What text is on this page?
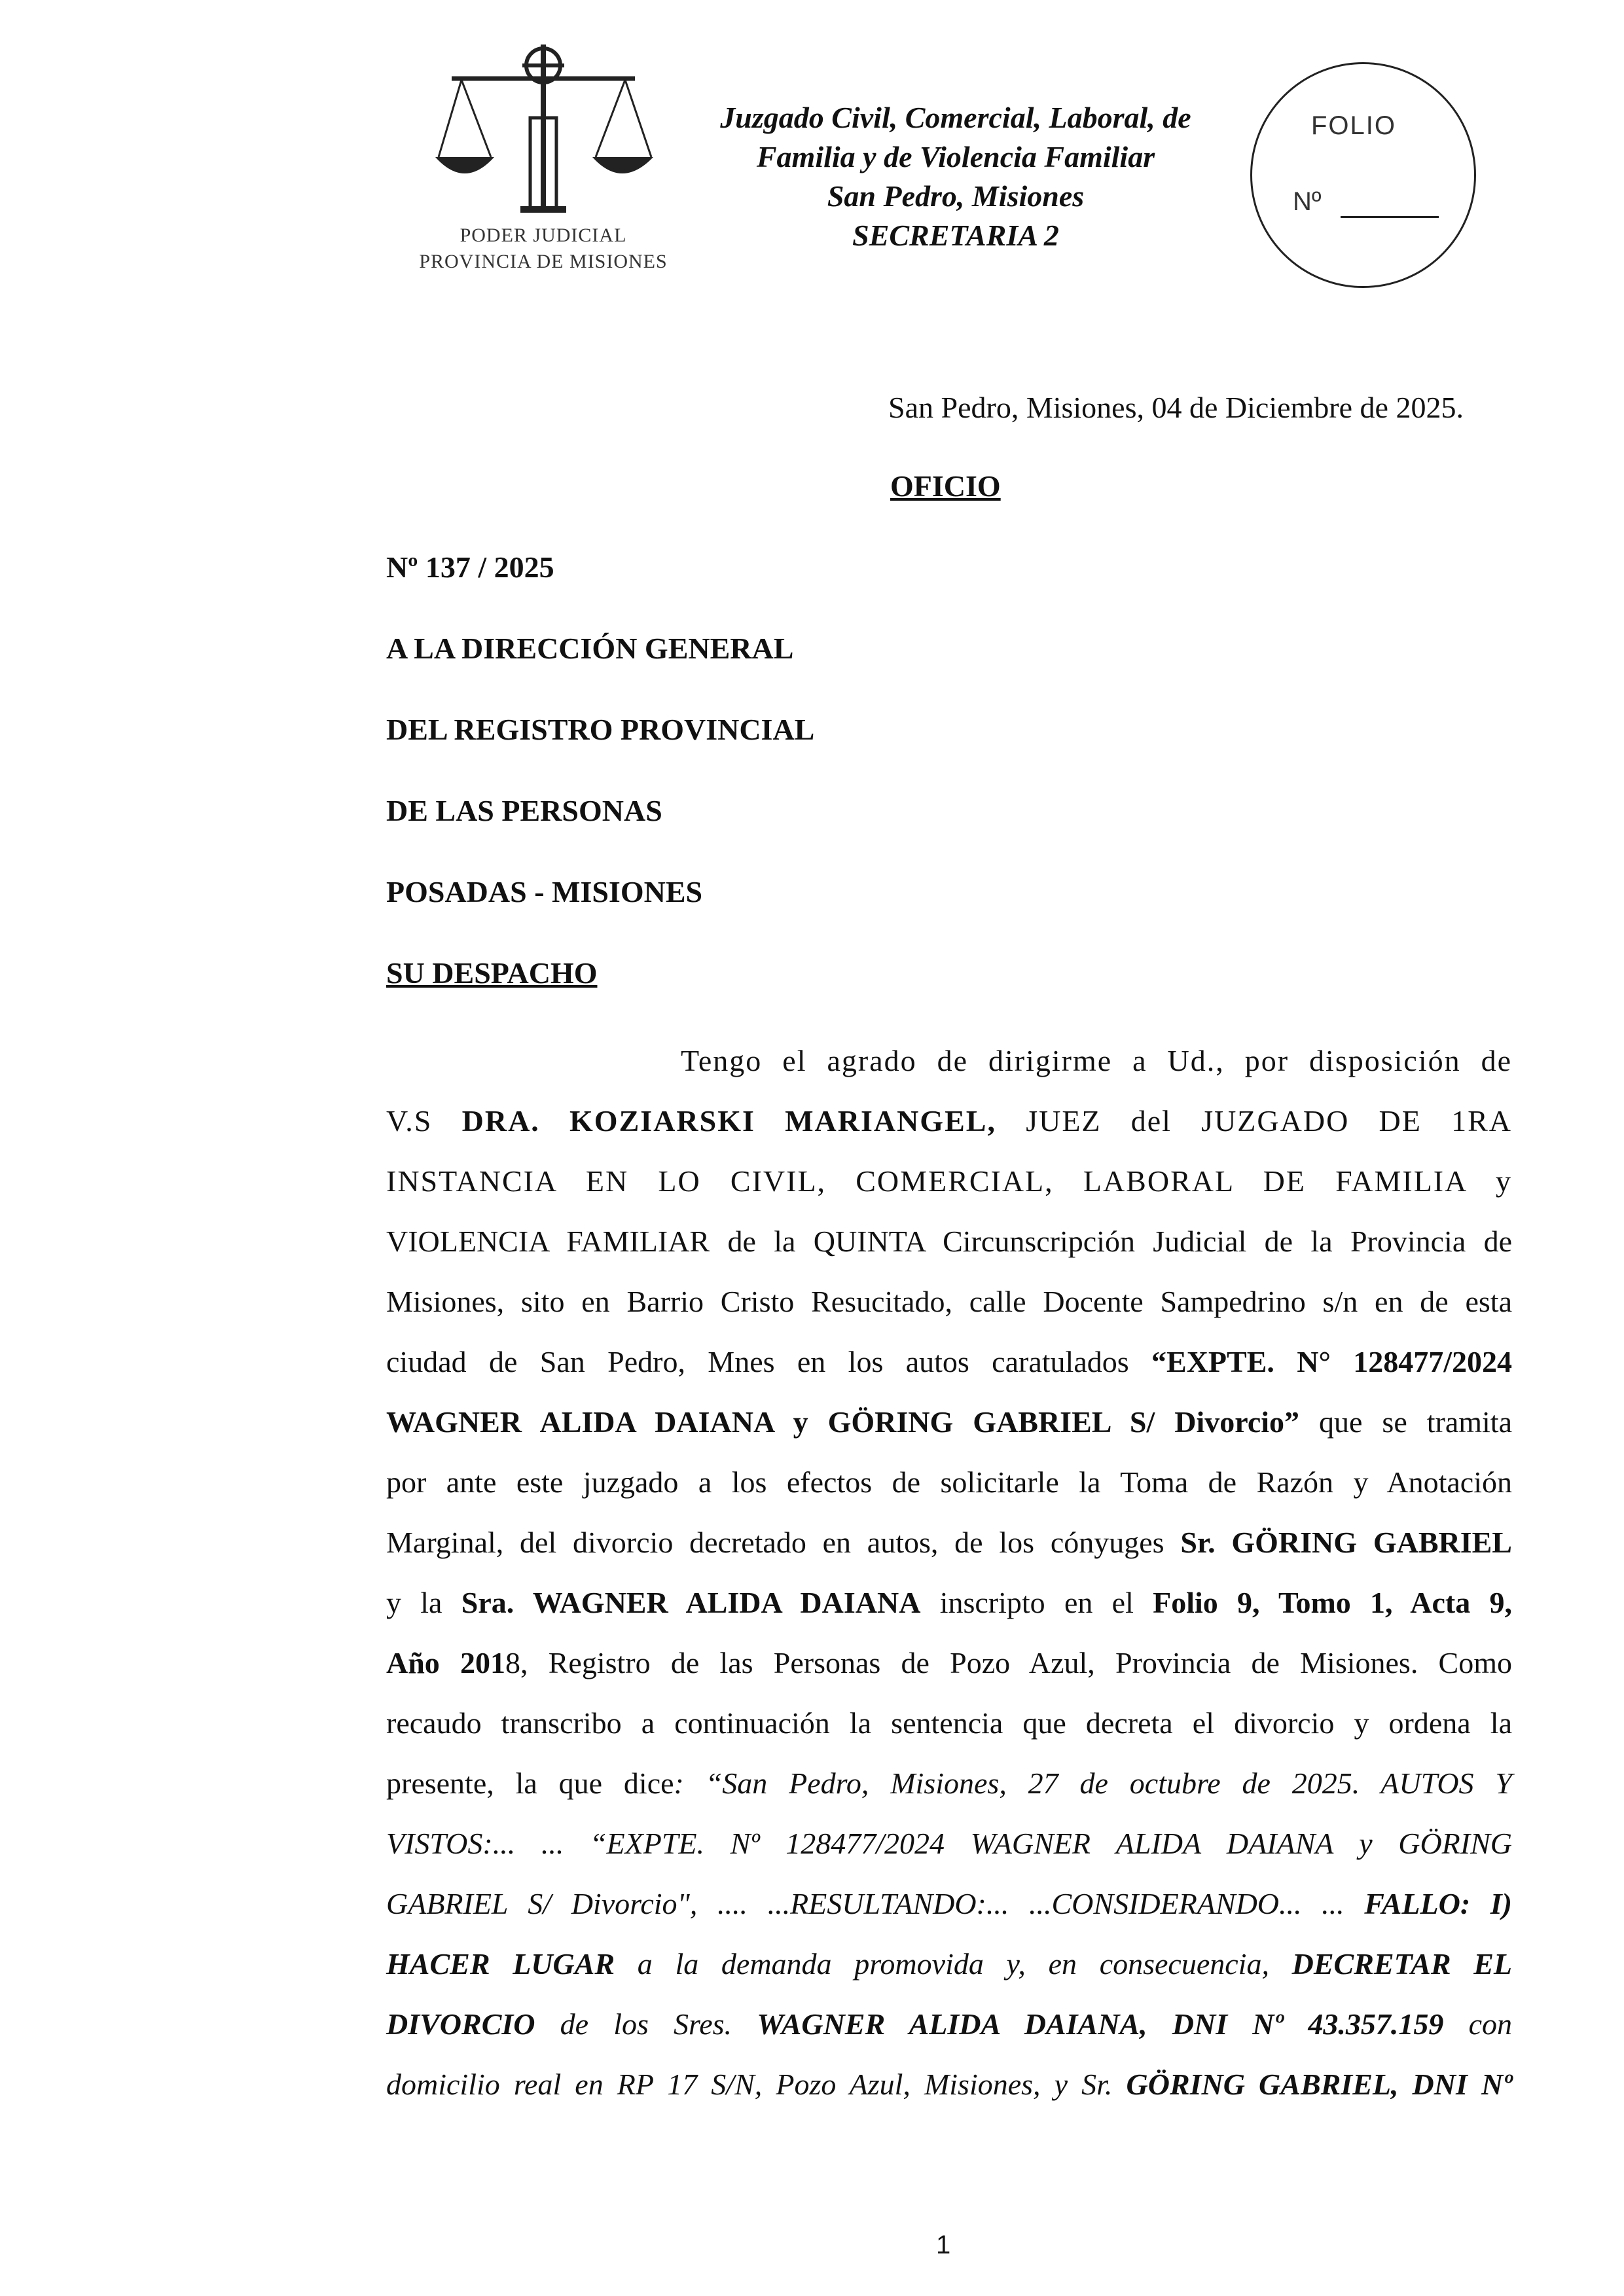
PODER JUDICIAL
PROVINCIA DE MISIONES
Juzgado Civil, Comercial, Laboral, de
Familia y de Violencia Familiar
San Pedro, Misiones
SECRETARIA 2
FOLIO
Nº
San Pedro, Misiones, 04 de Diciembre de 2025.
OFICIO
Nº 137 / 2025
A LA DIRECCIÓN GENERAL
DEL REGISTRO PROVINCIAL
DE LAS PERSONAS
POSADAS - MISIONES
SU DESPACHO
Tengo el agrado de dirigirme a Ud., por disposición de
V.S DRA. KOZIARSKI MARIANGEL, JUEZ del JUZGADO DE 1RA
INSTANCIA EN LO CIVIL, COMERCIAL, LABORAL DE FAMILIA y
VIOLENCIA FAMILIAR de la QUINTA Circunscripción Judicial de la Provincia de
Misiones, sito en Barrio Cristo Resucitado, calle Docente Sampedrino s/n en de esta
ciudad de San Pedro, Mnes en los autos caratulados “EXPTE. N° 128477/2024
WAGNER ALIDA DAIANA y GÖRING GABRIEL S/ Divorcio” que se tramita
por ante este juzgado a los efectos de solicitarle la Toma de Razón y Anotación
Marginal, del divorcio decretado en autos, de los cónyuges Sr. GÖRING GABRIEL
y la Sra. WAGNER ALIDA DAIANA inscripto en el Folio 9, Tomo 1, Acta 9,
Año 2018, Registro de las Personas de Pozo Azul, Provincia de Misiones. Como
recaudo transcribo a continuación la sentencia que decreta el divorcio y ordena la
presente, la que dice: “San Pedro, Misiones, 27 de octubre de 2025. AUTOS Y
VISTOS:... ... “EXPTE. Nº 128477/2024 WAGNER ALIDA DAIANA y GÖRING
GABRIEL S/ Divorcio", .... ...RESULTANDO:... ...CONSIDERANDO... ... FALLO: I)
HACER LUGAR a la demanda promovida y, en consecuencia, DECRETAR EL
DIVORCIO de los Sres. WAGNER ALIDA DAIANA, DNI Nº 43.357.159 con
domicilio real en RP 17 S/N, Pozo Azul, Misiones, y Sr. GÖRING GABRIEL, DNI Nº
1
